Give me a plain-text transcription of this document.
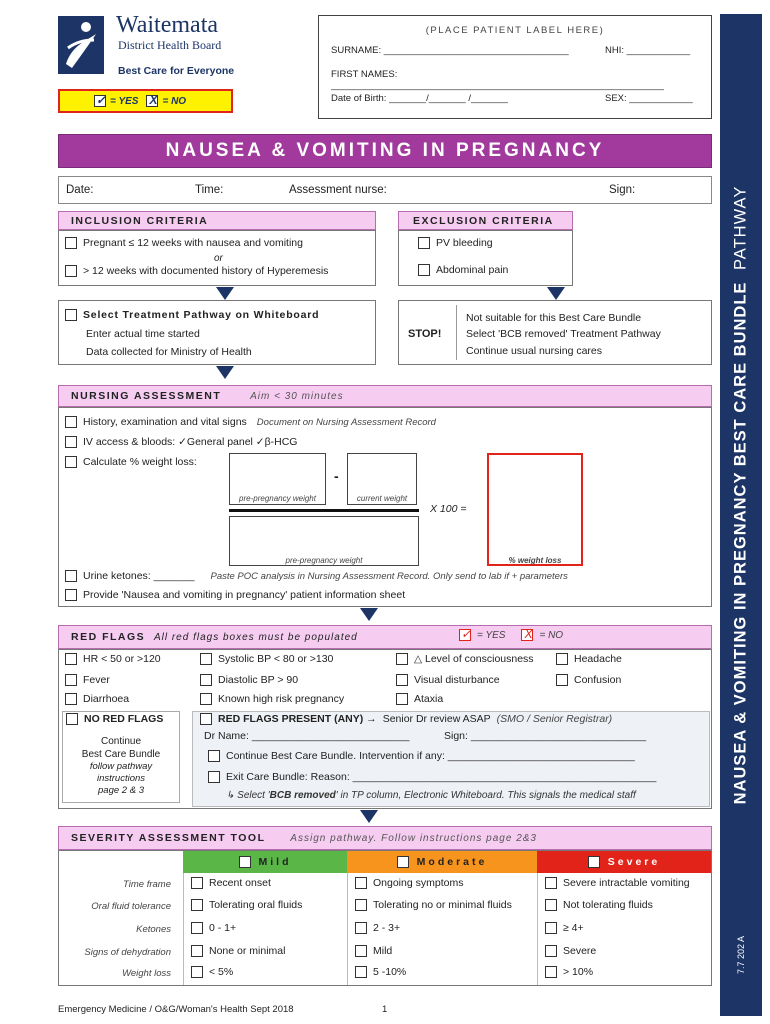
Waitemata
District Health Board
Best Care for Everyone
✓ = YES X = NO
(PLACE PATIENT LABEL HERE)
SURNAME: ___________________________________	NHI: ____________
FIRST NAMES: _______________________________________________________________
Date of Birth: _______/_______ /_______	SEX: ____________
NAUSEA & VOMITING IN PREGNANCY BEST CARE BUNDLE PATHWAY
7.7 202 A
NAUSEA & VOMITING IN PREGNANCY
Date:	Time:	Assessment nurse:	Sign:
INCLUSION CRITERIA
Pregnant ≤ 12 weeks with nausea and vomiting
or
> 12 weeks with documented history of Hyperemesis
EXCLUSION CRITERIA
PV bleeding
Abdominal pain
Select Treatment Pathway on Whiteboard
Enter actual time started
Data collected for Ministry of Health
STOP!
Not suitable for this Best Care Bundle
Select 'BCB removed' Treatment Pathway
Continue usual nursing cares
NURSING ASSESSMENT	Aim < 30 minutes
History, examination and vital signs Document on Nursing Assessment Record
IV access & bloods: ✓General panel ✓β-HCG
Calculate % weight loss:
pre-pregnancy weight
-
current weight
X 100 =
pre-pregnancy weight	% weight loss
Urine ketones: _______ Paste POC analysis in Nursing Assessment Record. Only send to lab if + parameters
Provide 'Nausea and vomiting in pregnancy' patient information sheet
RED FLAGS All red flags boxes must be populated	✓ = YES X = NO
HR < 50 or >120	Systolic BP < 80 or >130	△ Level of consciousness	Headache
Fever	Diastolic BP > 90	Visual disturbance	Confusion
Diarrhoea	Known high risk pregnancy	Ataxia
NO RED FLAGS
Continue
Best Care Bundle
follow pathway
instructions
page 2 & 3
RED FLAGS PRESENT (ANY) → Senior Dr review ASAP (SMO / Senior Registrar)
Dr Name: ___________________________	Sign: ______________________________
Continue Best Care Bundle. Intervention if any: ________________________________
Exit Care Bundle: Reason: ____________________________________________________
↳ Select 'BCB removed' in TP column, Electronic Whiteboard. This signals the medical staff
SEVERITY ASSESSMENT TOOL Assign pathway. Follow instructions page 2&3
Mild	Moderate	Severe
Time frame	Recent onset	Ongoing symptoms	Severe intractable vomiting
Oral fluid tolerance	Tolerating oral fluids	Tolerating no or minimal fluids	Not tolerating fluids
Ketones	0 - 1+	2 - 3+	≥ 4+
Signs of dehydration	None or minimal	Mild	Severe
Weight loss	< 5%	5 -10%	> 10%
Emergency Medicine / O&G/Woman's Health Sept 2018	1
